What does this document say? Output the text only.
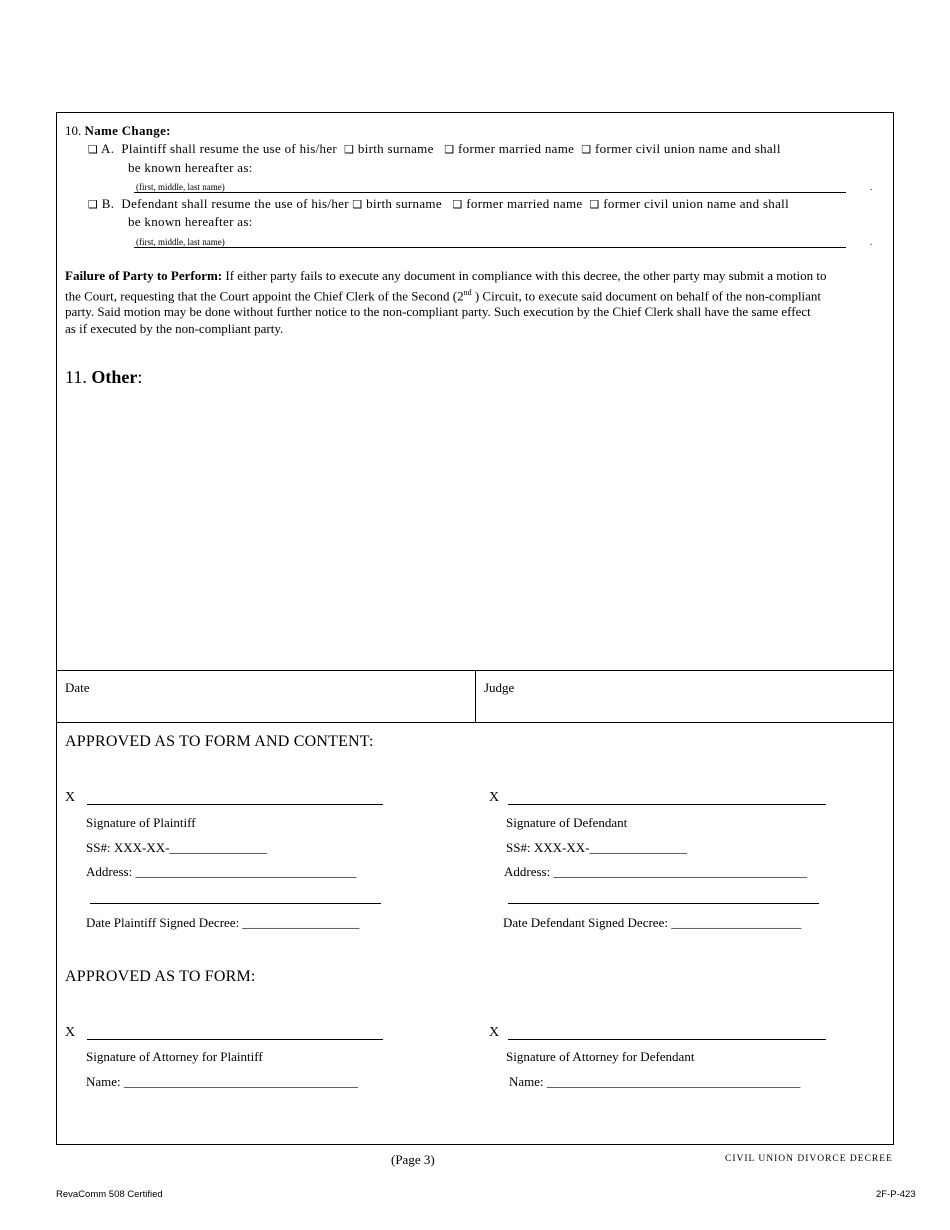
10. Name Change:
❑ A. Plaintiff shall resume the use of his/her ❑ birth surname ❑ former married name ❑ former civil union name and shall
be known hereafter as:
(first, middle, last name)	.
❑ B. Defendant shall resume the use of his/her ❑ birth surname ❑ former married name ❑ former civil union name and shall
be known hereafter as:
(first, middle, last name)	.
Failure of Party to Perform: If either party fails to execute any document in compliance with this decree, the other party may submit a motion to
the Court, requesting that the Court appoint the Chief Clerk of the Second (2nd ) Circuit, to execute said document on behalf of the non-compliant
party. Said motion may be done without further notice to the non-compliant party. Such execution by the Chief Clerk shall have the same effect
as if executed by the non-compliant party.
11. Other:
Date	Judge
APPROVED AS TO FORM AND CONTENT:
X
Signature of Plaintiff
SS#: XXX-XX-_______________
Address: __________________________________
Date Plaintiff Signed Decree: __________________
X
Signature of Defendant
SS#: XXX-XX-_______________
Address: _______________________________________
Date Defendant Signed Decree: ____________________
APPROVED AS TO FORM:
X
Signature of Attorney for Plaintiff
Name: ____________________________________
X
Signature of Attorney for Defendant
Name: _______________________________________
(Page 3)	CIVIL UNION DIVORCE DECREE
RevaComm 508 Certified	2F-P-423
